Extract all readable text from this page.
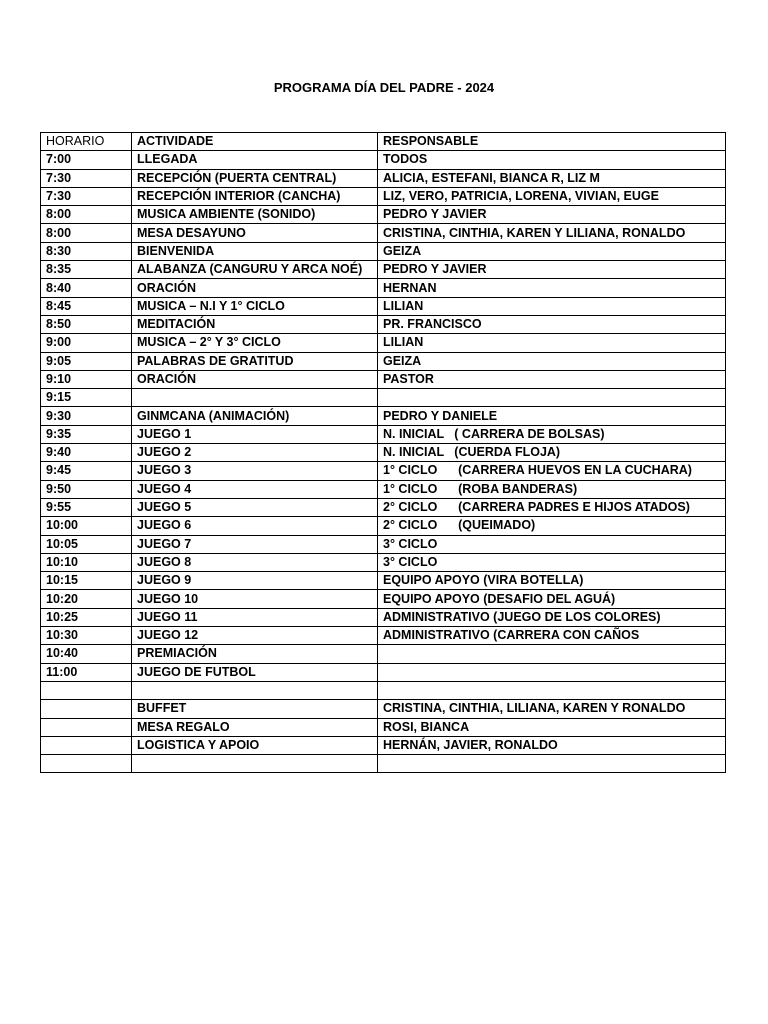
PROGRAMA DÍA DEL PADRE - 2024
HORARIO	ACTIVIDADE	RESPONSABLE
7:00	LLEGADA	TODOS
7:30	RECEPCIÓN (PUERTA CENTRAL)	ALICIA, ESTEFANI, BIANCA R, LIZ M
7:30	RECEPCIÓN INTERIOR (CANCHA)	LIZ, VERO, PATRICIA, LORENA, VIVIAN, EUGE
8:00	MUSICA AMBIENTE (SONIDO)	PEDRO Y JAVIER
8:00	MESA DESAYUNO	CRISTINA, CINTHIA, KAREN Y LILIANA, RONALDO
8:30	BIENVENIDA	GEIZA
8:35	ALABANZA (CANGURU Y ARCA NOÉ)	PEDRO Y JAVIER
8:40	ORACIÓN	HERNAN
8:45	MUSICA – N.I Y 1° CICLO	LILIAN
8:50	MEDITACIÓN	PR. FRANCISCO
9:00	MUSICA – 2° Y 3° CICLO	LILIAN
9:05	PALABRAS DE GRATITUD	GEIZA
9:10	ORACIÓN	PASTOR
9:15		
9:30	GINMCANA (ANIMACIÓN)	PEDRO Y DANIELE
9:35	JUEGO 1	N. INICIAL   ( CARRERA DE BOLSAS)
9:40	JUEGO 2	N. INICIAL   (CUERDA FLOJA)
9:45	JUEGO 3	1° CICLO      (CARRERA HUEVOS EN LA CUCHARA)
9:50	JUEGO 4	1° CICLO      (ROBA BANDERAS)
9:55	JUEGO 5	2° CICLO      (CARRERA PADRES E HIJOS ATADOS)
10:00	JUEGO 6	2° CICLO      (QUEIMADO)
10:05	JUEGO 7	3° CICLO
10:10	JUEGO 8	3° CICLO
10:15	JUEGO 9	EQUIPO APOYO (VIRA BOTELLA)
10:20	JUEGO 10	EQUIPO APOYO (DESAFIO DEL AGUÁ)
10:25	JUEGO 11	ADMINISTRATIVO (JUEGO DE LOS COLORES)
10:30	JUEGO 12	ADMINISTRATIVO (CARRERA CON CAÑOS
10:40	PREMIACIÓN	
11:00	JUEGO DE FUTBOL	

	BUFFET	CRISTINA, CINTHIA, LILIANA, KAREN Y RONALDO
	MESA REGALO	ROSI, BIANCA
	LOGISTICA Y APOIO	HERNÁN, JAVIER, RONALDO
